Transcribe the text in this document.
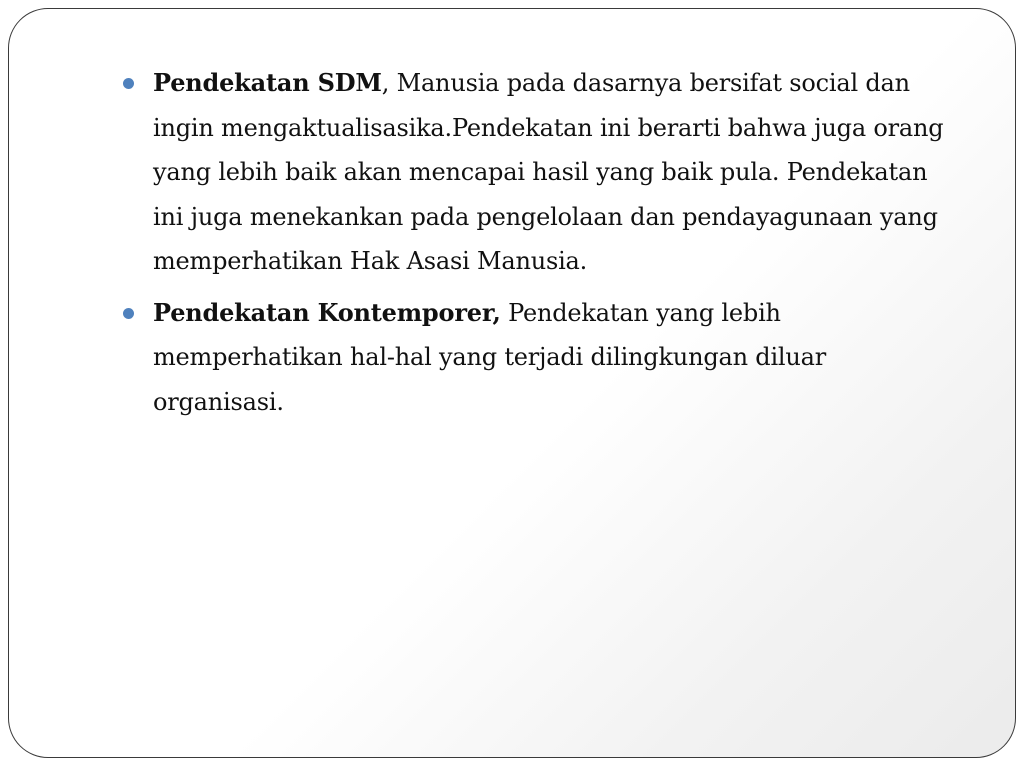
Pendekatan SDM, Manusia pada dasarnya bersifat social dan ingin mengaktualisasika.Pendekatan ini berarti bahwa juga orang yang lebih baik akan mencapai hasil yang baik pula. Pendekatan ini juga menekankan pada pengelolaan dan pendayagunaan yang memperhatikan Hak Asasi Manusia.
Pendekatan Kontemporer, Pendekatan yang lebih memperhatikan hal-hal yang terjadi dilingkungan diluar organisasi.
